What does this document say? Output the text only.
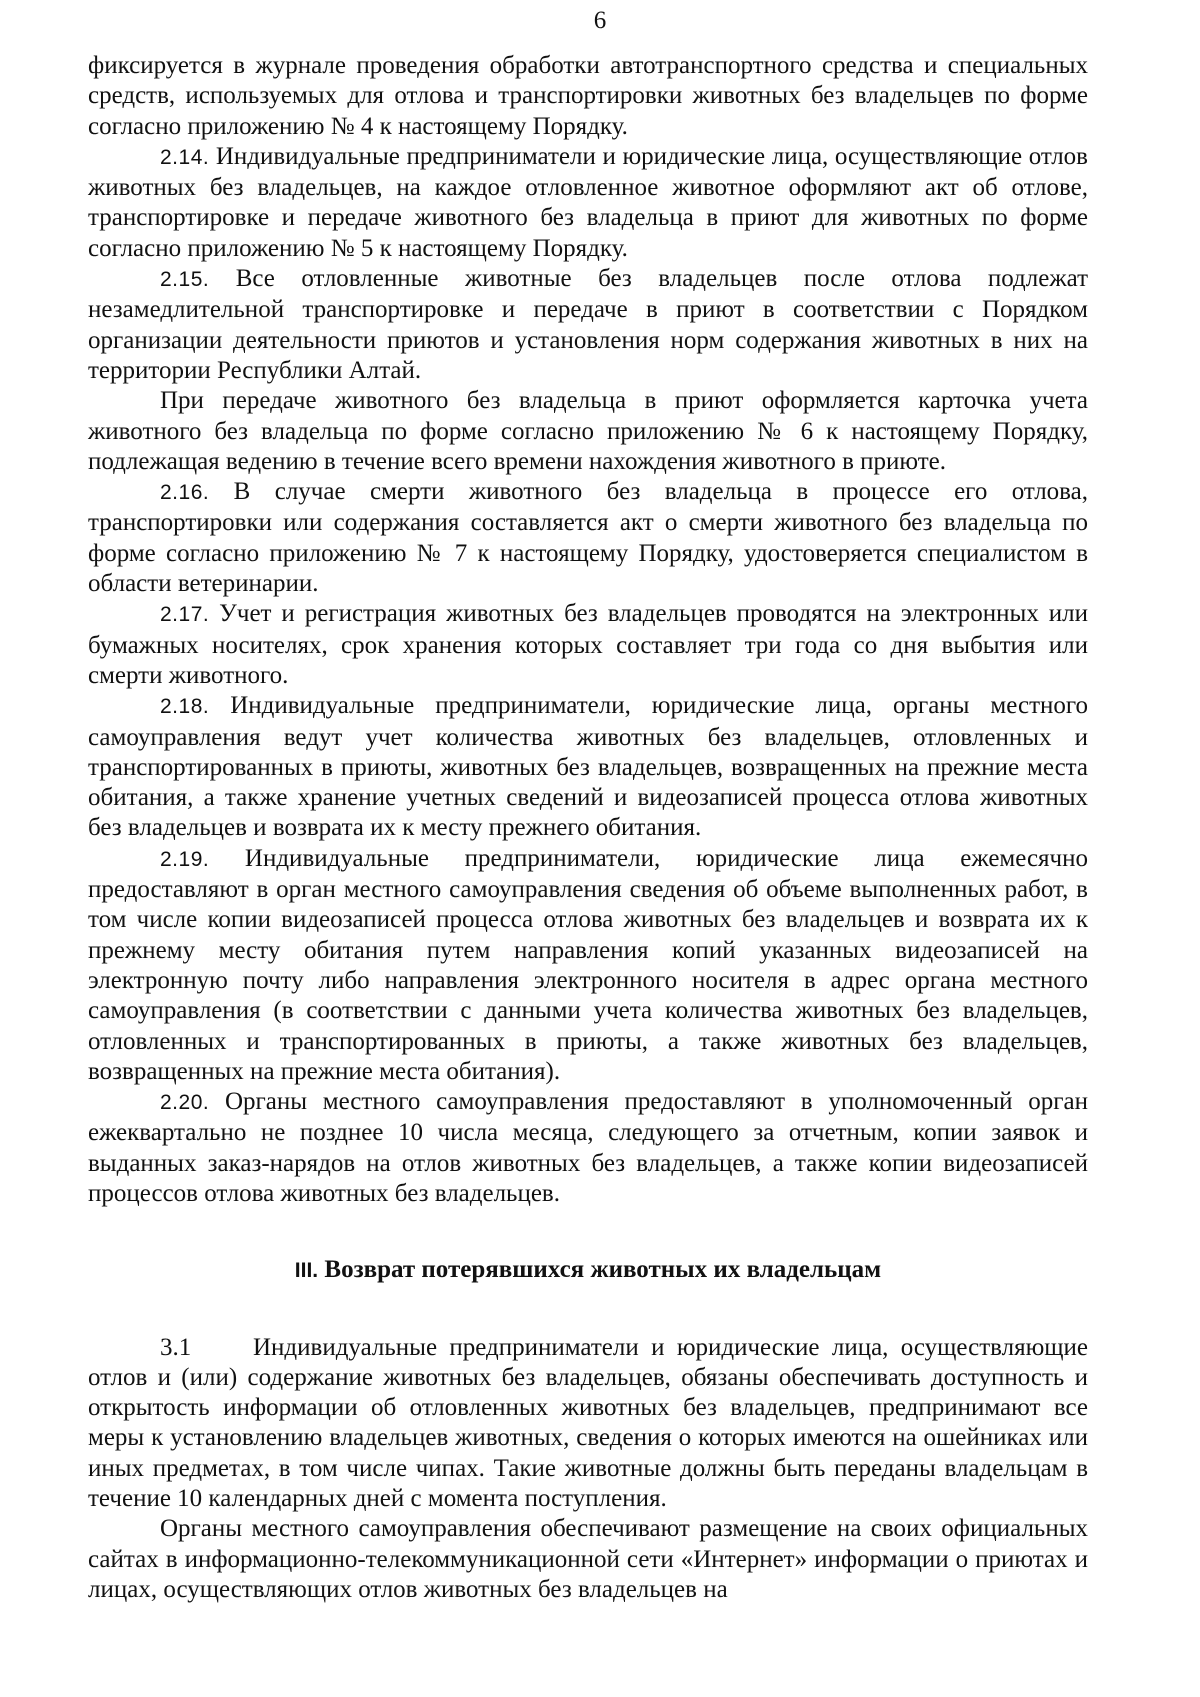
6

фиксируется в журнале проведения обработки автотранспортного средства и специальных средств, используемых для отлова и транспортировки животных без владельцев по форме согласно приложению № 4 к настоящему Порядку.

2.14. Индивидуальные предприниматели и юридические лица, осуществляющие отлов животных без владельцев, на каждое отловленное животное оформляют акт об отлове, транспортировке и передаче животного без владельца в приют для животных по форме согласно приложению № 5 к настоящему Порядку.

2.15. Все отловленные животные без владельцев после отлова подлежат незамедлительной транспортировке и передаче в приют в соответствии с Порядком организации деятельности приютов и установления норм содержания животных в них на территории Республики Алтай.

При передаче животного без владельца в приют оформляется карточка учета животного без владельца по форме согласно приложению № 6 к настоящему Порядку, подлежащая ведению в течение всего времени нахождения животного в приюте.

2.16. В случае смерти животного без владельца в процессе его отлова, транспортировки или содержания составляется акт о смерти животного без владельца по форме согласно приложению № 7 к настоящему Порядку, удостоверяется специалистом в области ветеринарии.

2.17. Учет и регистрация животных без владельцев проводятся на электронных или бумажных носителях, срок хранения которых составляет три года со дня выбытия или смерти животного.

2.18. Индивидуальные предприниматели, юридические лица, органы местного самоуправления ведут учет количества животных без владельцев, отловленных и транспортированных в приюты, животных без владельцев, возвращенных на прежние места обитания, а также хранение учетных сведений и видеозаписей процесса отлова животных без владельцев и возврата их к месту прежнего обитания.

2.19. Индивидуальные предприниматели, юридические лица ежемесячно предоставляют в орган местного самоуправления сведения об объеме выполненных работ, в том числе копии видеозаписей процесса отлова животных без владельцев и возврата их к прежнему месту обитания путем направления копий указанных видеозаписей на электронную почту либо направления электронного носителя в адрес органа местного самоуправления (в соответствии с данными учета количества животных без владельцев, отловленных и транспортированных в приюты, а также животных без владельцев, возвращенных на прежние места обитания).

2.20. Органы местного самоуправления предоставляют в уполномоченный орган ежеквартально не позднее 10 числа месяца, следующего за отчетным, копии заявок и выданных заказ-нарядов на отлов животных без владельцев, а также копии видеозаписей процессов отлова животных без владельцев.

III. Возврат потерявшихся животных их владельцам

3.1 Индивидуальные предприниматели и юридические лица, осуществляющие отлов и (или) содержание животных без владельцев, обязаны обеспечивать доступность и открытость информации об отловленных животных без владельцев, предпринимают все меры к установлению владельцев животных, сведения о которых имеются на ошейниках или иных предметах, в том числе чипах. Такие животные должны быть переданы владельцам в течение 10 календарных дней с момента поступления.

Органы местного самоуправления обеспечивают размещение на своих официальных сайтах в информационно-телекоммуникационной сети «Интернет» информации о приютах и лицах, осуществляющих отлов животных без владельцев на
